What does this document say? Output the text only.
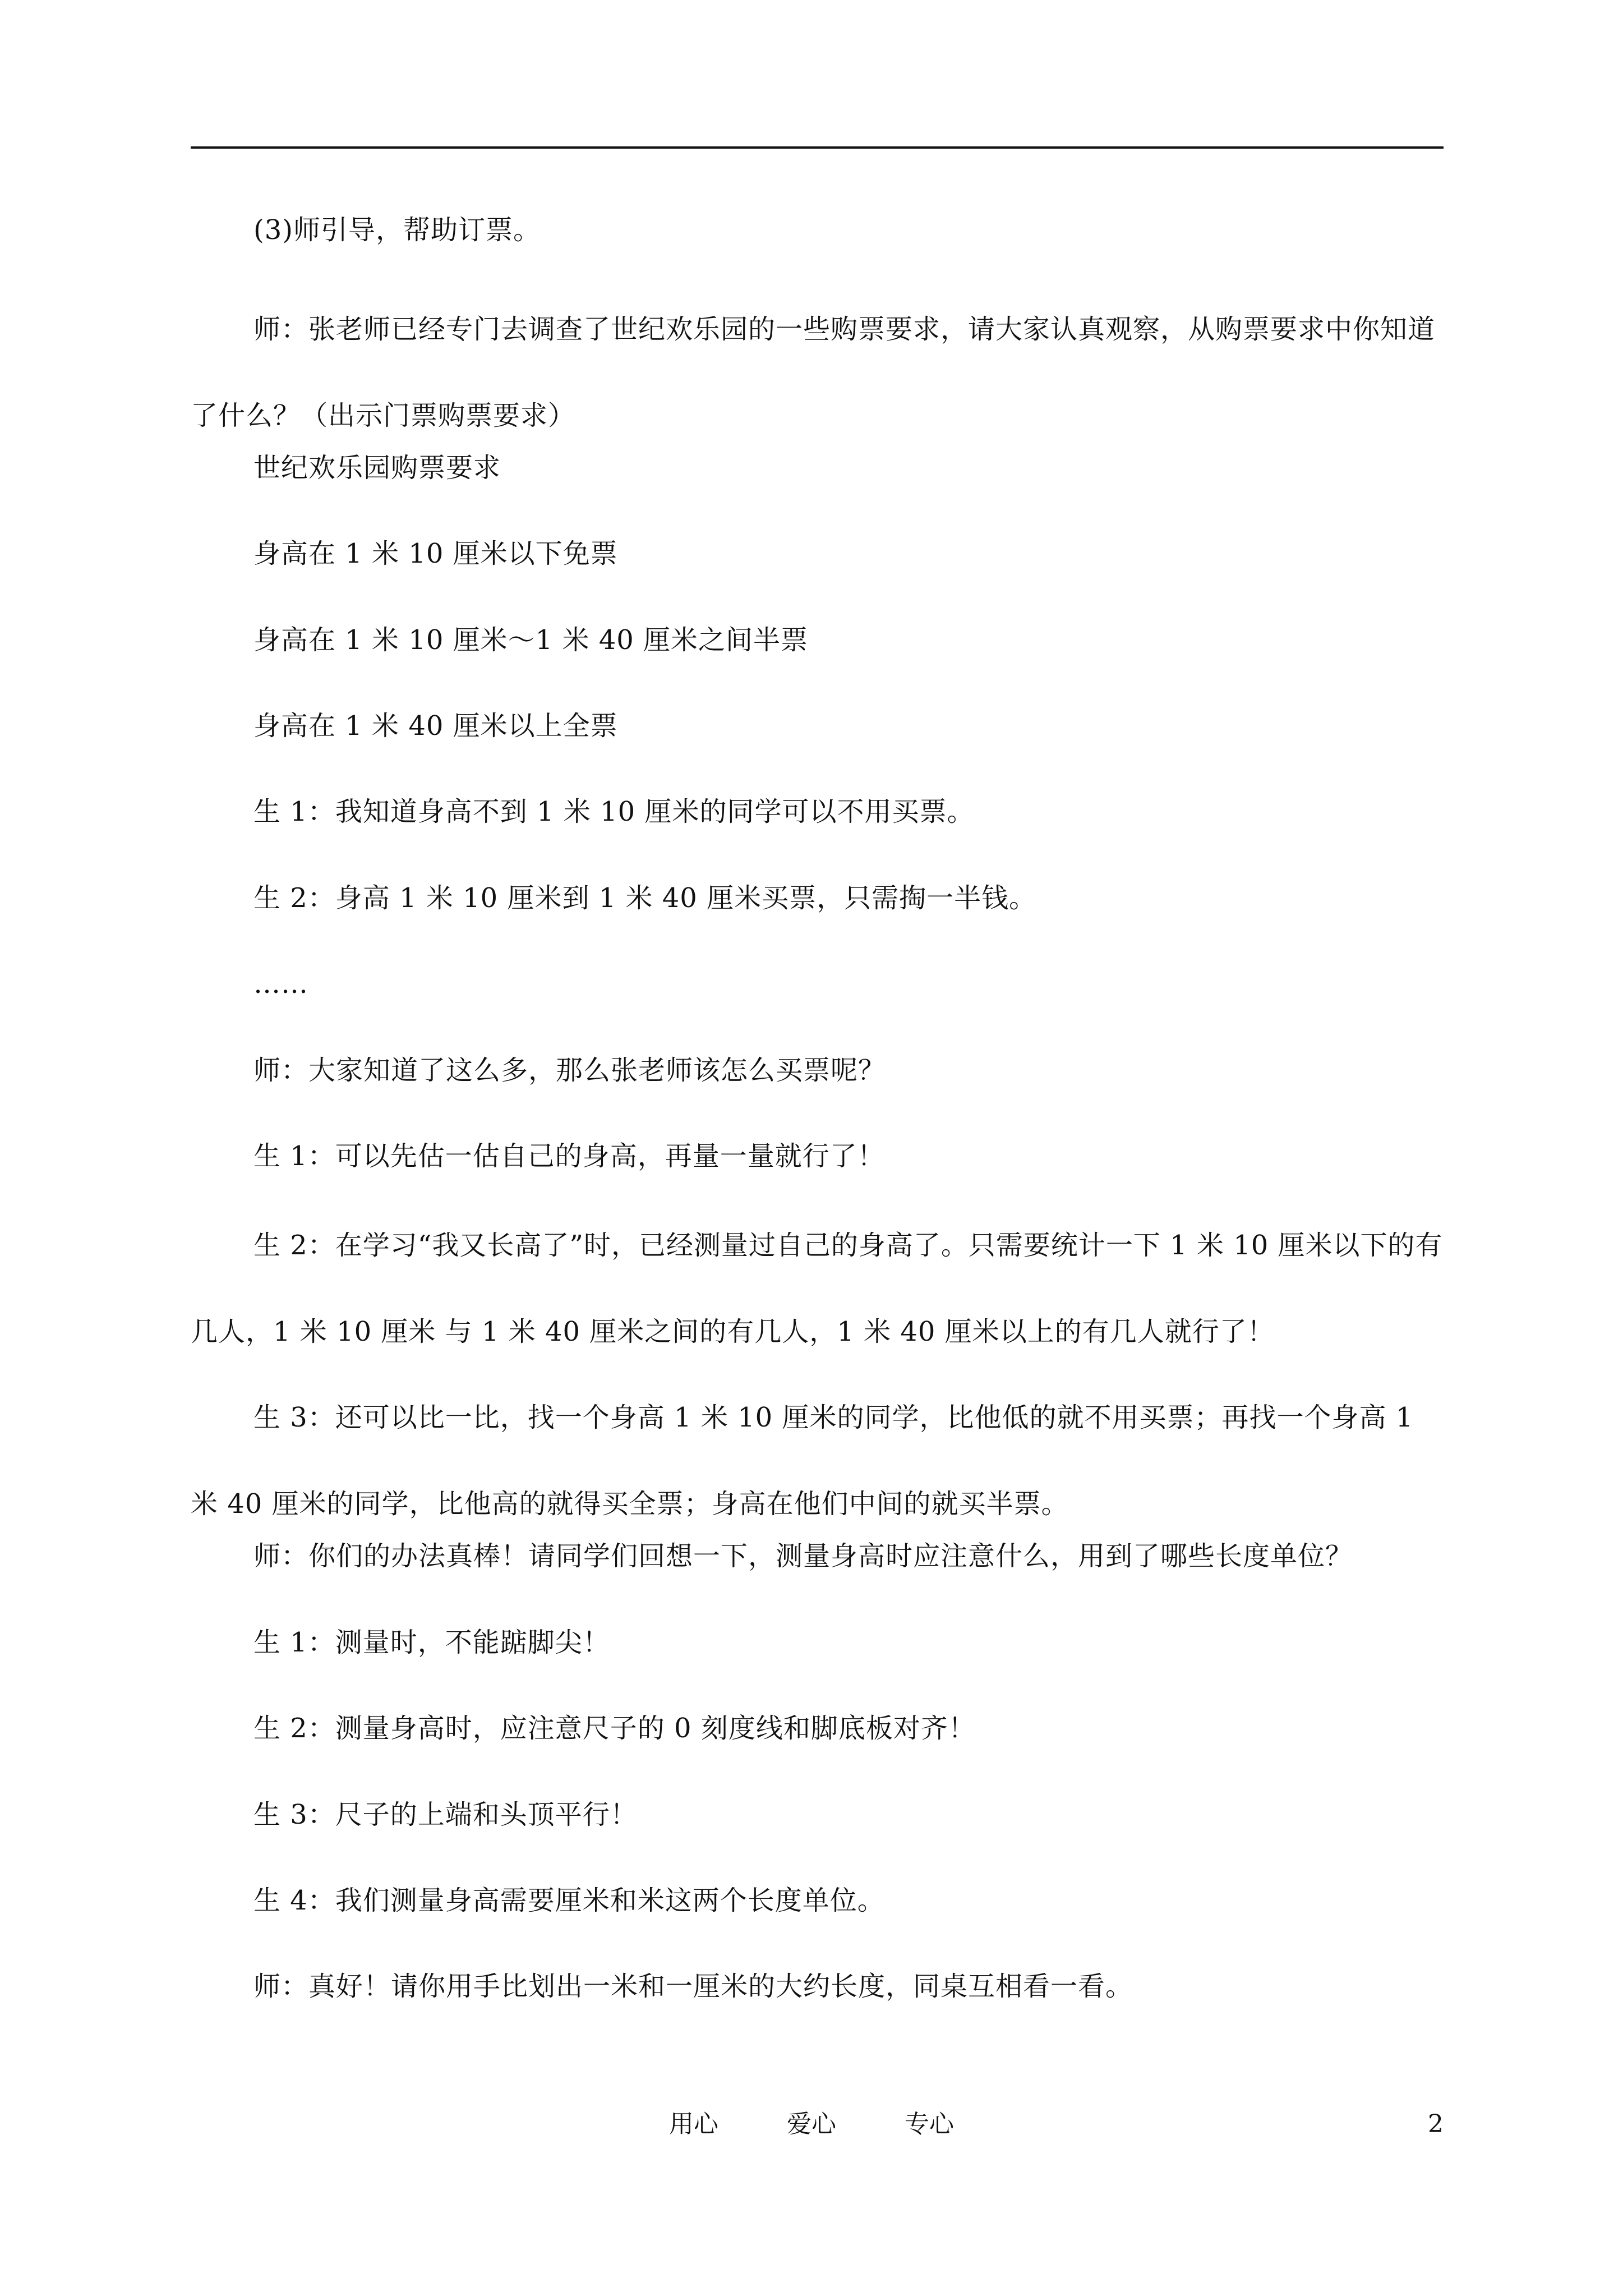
(3)师引导，帮助订票。

师：张老师已经专门去调查了世纪欢乐园的一些购票要求，请大家认真观察，从购票要求中你知道了什么？（出示门票购票要求）

世纪欢乐园购票要求

身高在 1 米 10 厘米以下免票

身高在 1 米 10 厘米～1 米 40 厘米之间半票

身高在 1 米 40 厘米以上全票

生 1：我知道身高不到 1 米 10 厘米的同学可以不用买票。

生 2：身高 1 米 10 厘米到 1 米 40 厘米买票，只需掏一半钱。

……

师：大家知道了这么多，那么张老师该怎么买票呢？

生 1：可以先估一估自己的身高，再量一量就行了！

生 2：在学习“我又长高了”时，已经测量过自己的身高了。只需要统计一下 1 米 10 厘米以下的有几人，1 米 10 厘米 与 1 米 40 厘米之间的有几人，1 米 40 厘米以上的有几人就行了！

生 3：还可以比一比，找一个身高 1 米 10 厘米的同学，比他低的就不用买票；再找一个身高 1 米 40 厘米的同学，比他高的就得买全票；身高在他们中间的就买半票。

师：你们的办法真棒！请同学们回想一下，测量身高时应注意什么，用到了哪些长度单位？

生 1：测量时，不能踮脚尖！

生 2：测量身高时，应注意尺子的 0 刻度线和脚底板对齐！

生 3：尺子的上端和头顶平行！

生 4：我们测量身高需要厘米和米这两个长度单位。

师：真好！请你用手比划出一米和一厘米的大约长度，同桌互相看一看。

用心	爱心	专心	2
